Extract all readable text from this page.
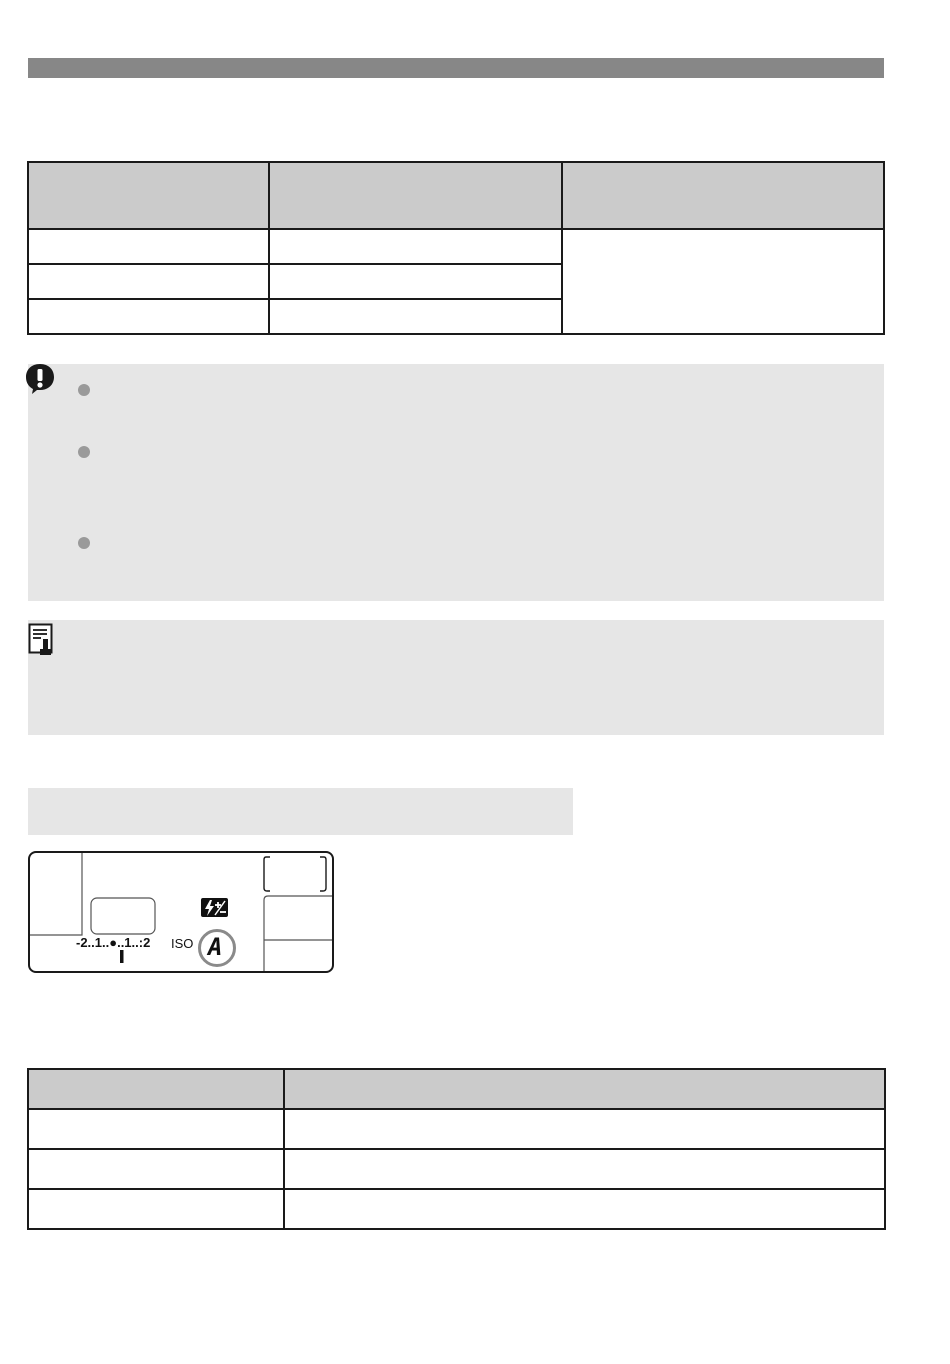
-2..1..●..1..:2 ISO A
